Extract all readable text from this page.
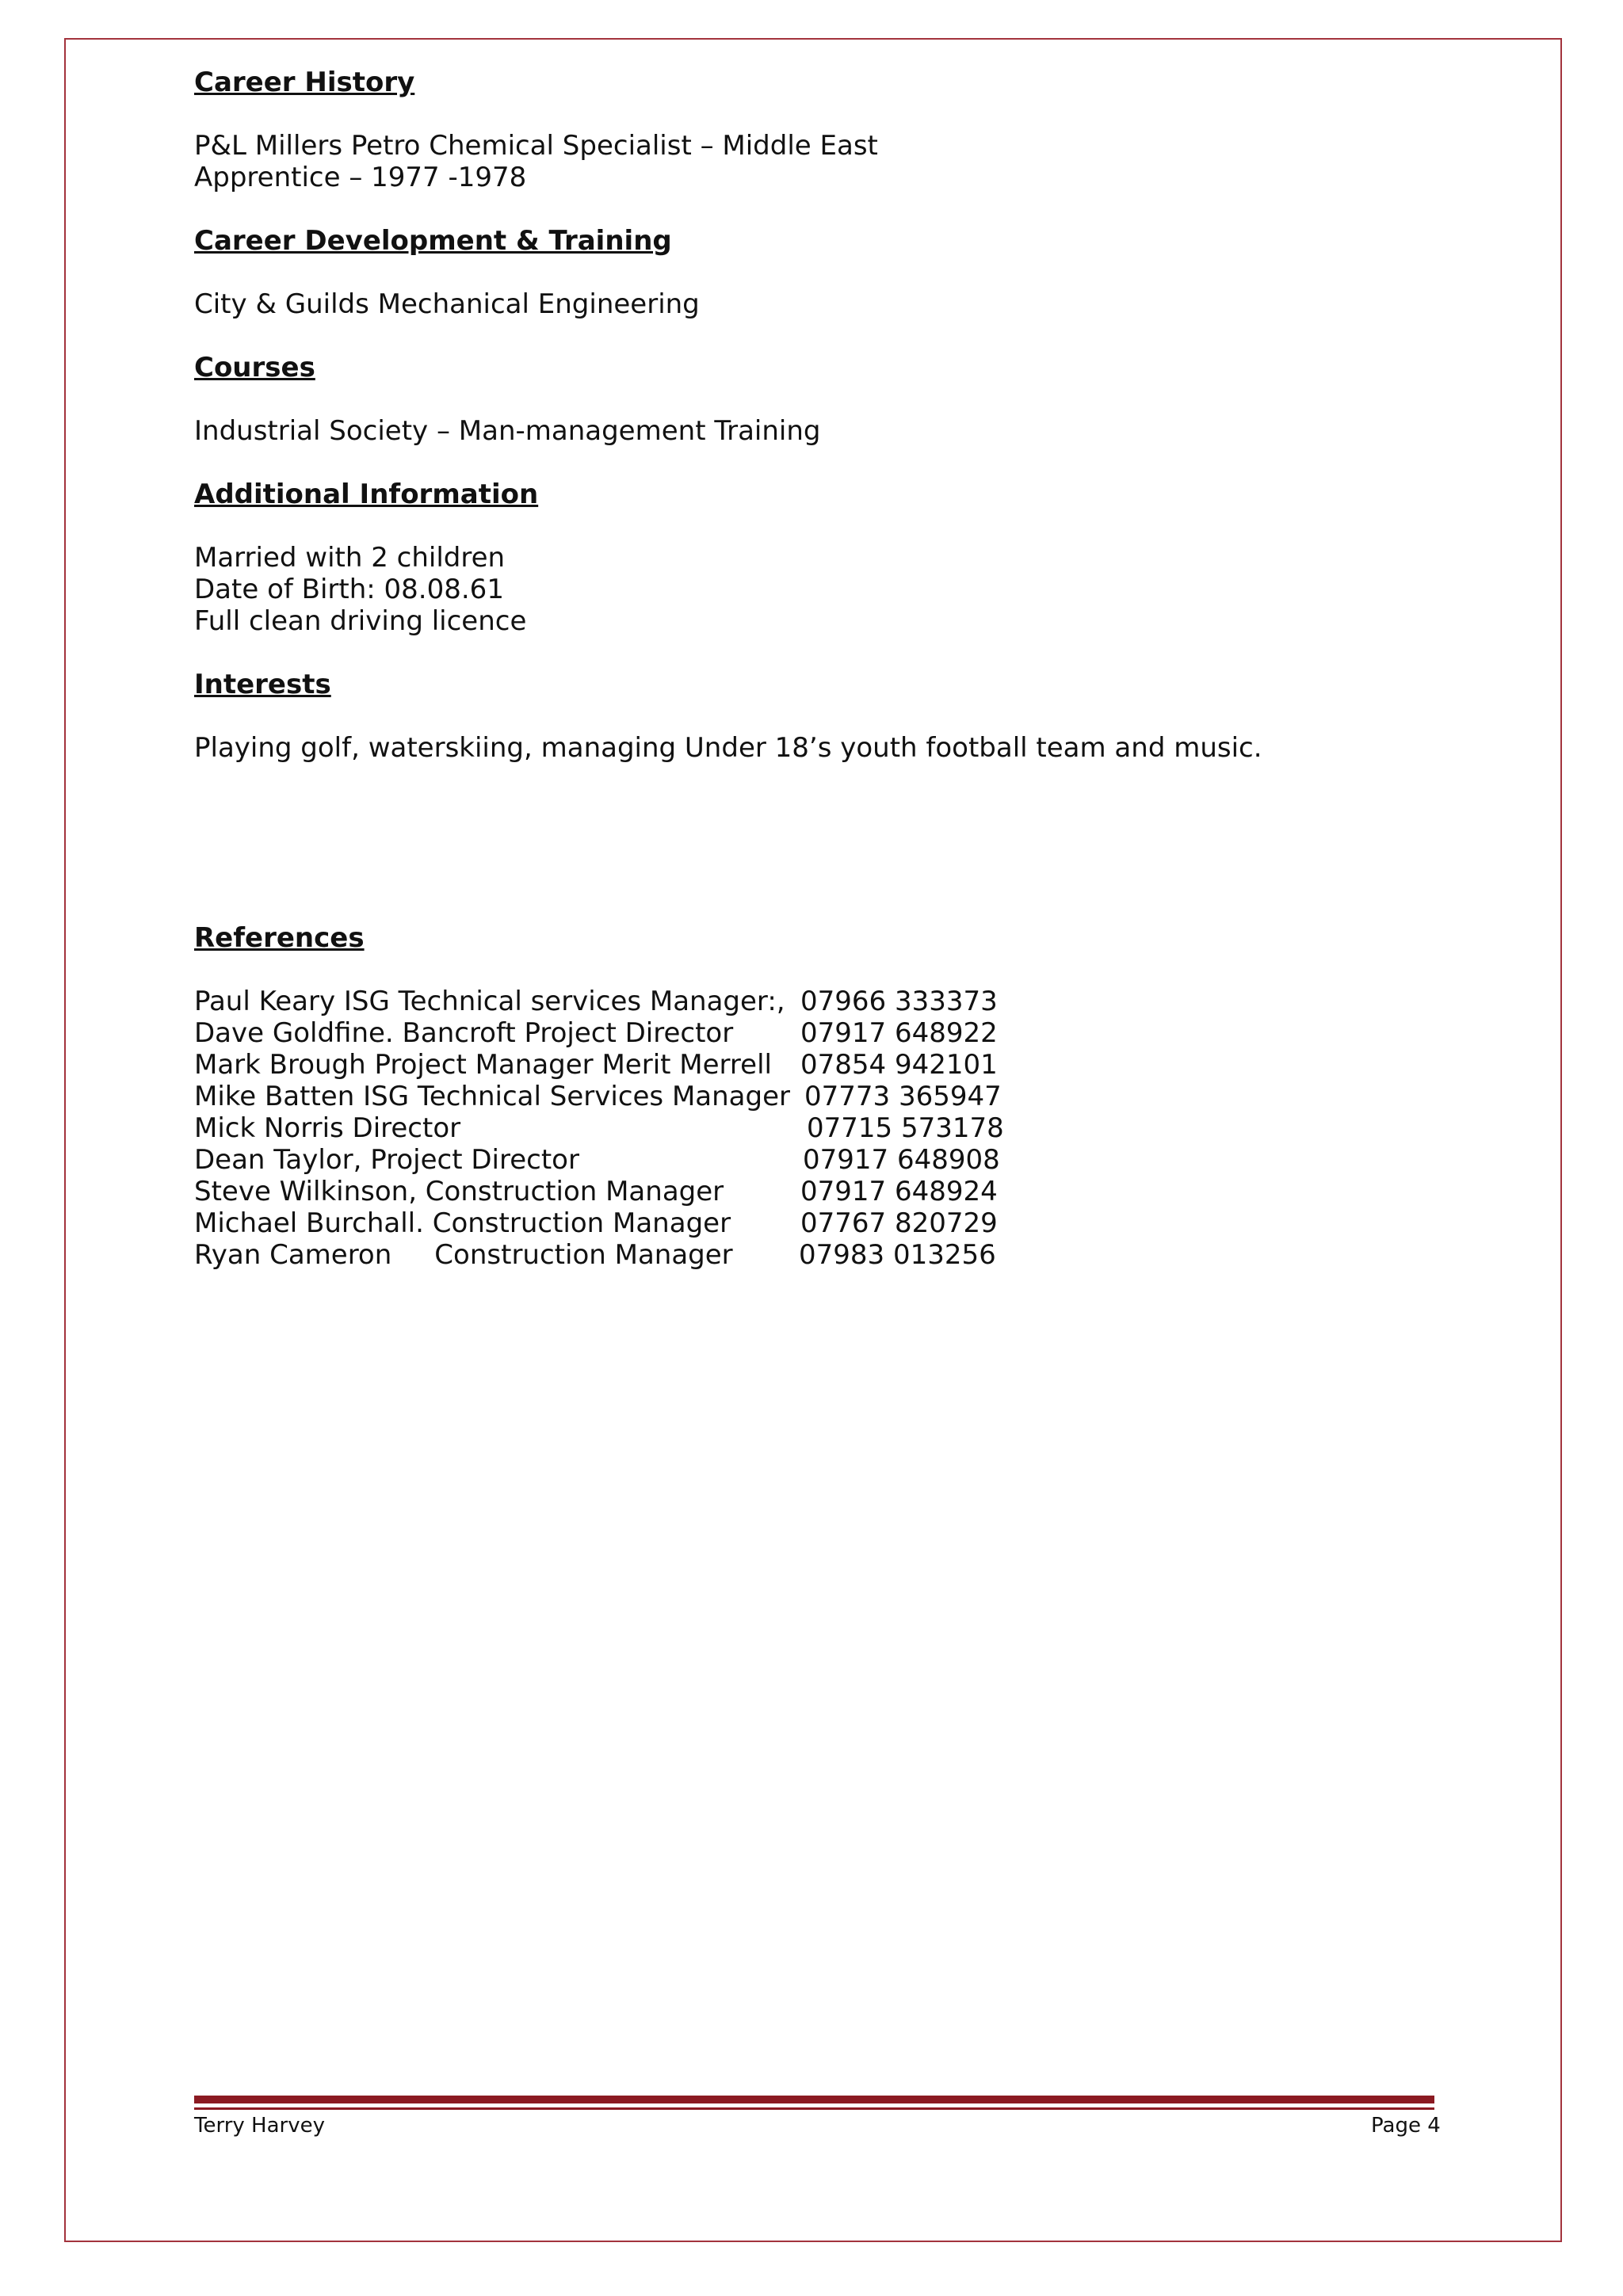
Career History

P&L Millers Petro Chemical Specialist – Middle East

Apprentice – 1977 -1978

Career Development & Training

City & Guilds Mechanical Engineering

Courses

Industrial Society – Man-management Training

Additional Information

Married with 2 children

Date of Birth: 08.08.61

Full clean driving licence

Interests

Playing golf, waterskiing, managing Under 18’s youth football team and music.

References

Paul Keary ISG Technical services Manager:, 07966 333373
Dave Goldfine. Bancroft Project Director 07917 648922
Mark Brough Project Manager Merit Merrell 07854 942101
Mike Batten ISG Technical Services Manager 07773 365947
Mick Norris Director	07715 573178
Dean Taylor, Project Director	07917 648908
Steve Wilkinson, Construction Manager	07917 648924
Michael Burchall. Construction Manager	07767 820729
Ryan Cameron     Construction Manager 07983 013256
Terry Harvey	Page 4
